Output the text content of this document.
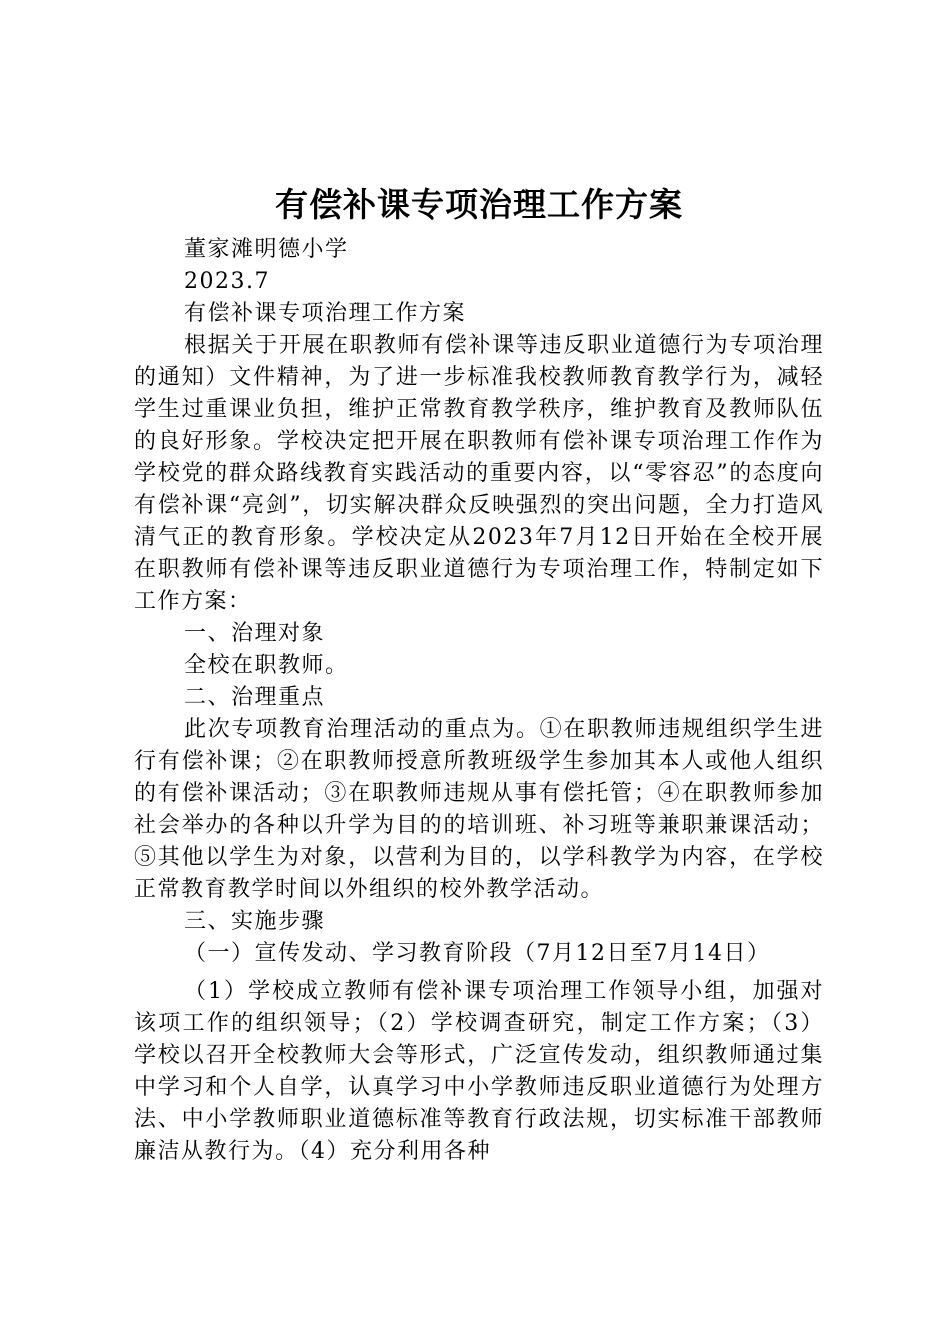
有偿补课专项治理工作方案

董家滩明德小学

2023.7

有偿补课专项治理工作方案

根据关于开展在职教师有偿补课等违反职业道德行为专项治理的通知）文件精神，为了进一步标准我校教师教育教学行为，减轻学生过重课业负担，维护正常教育教学秩序，维护教育及教师队伍的良好形象。学校决定把开展在职教师有偿补课专项治理工作作为学校党的群众路线教育实践活动的重要内容，以“零容忍”的态度向有偿补课“亮剑”，切实解决群众反映强烈的突出问题，全力打造风清气正的教育形象。学校决定从2023年7月12日开始在全校开展在职教师有偿补课等违反职业道德行为专项治理工作，特制定如下工作方案：

一、治理对象

全校在职教师。

二、治理重点

此次专项教育治理活动的重点为。①在职教师违规组织学生进行有偿补课；②在职教师授意所教班级学生参加其本人或他人组织的有偿补课活动；③在职教师违规从事有偿托管；④在职教师参加社会举办的各种以升学为目的的培训班、补习班等兼职兼课活动；⑤其他以学生为对象，以营利为目的，以学科教学为内容，在学校正常教育教学时间以外组织的校外教学活动。

三、实施步骤

（一）宣传发动、学习教育阶段（7月12日至7月14日）

（1）学校成立教师有偿补课专项治理工作领导小组，加强对该项工作的组织领导；（2）学校调查研究，制定工作方案；（3）学校以召开全校教师大会等形式，广泛宣传发动，组织教师通过集中学习和个人自学，认真学习中小学教师违反职业道德行为处理方法、中小学教师职业道德标准等教育行政法规，切实标准干部教师廉洁从教行为。（4）充分利用各种
